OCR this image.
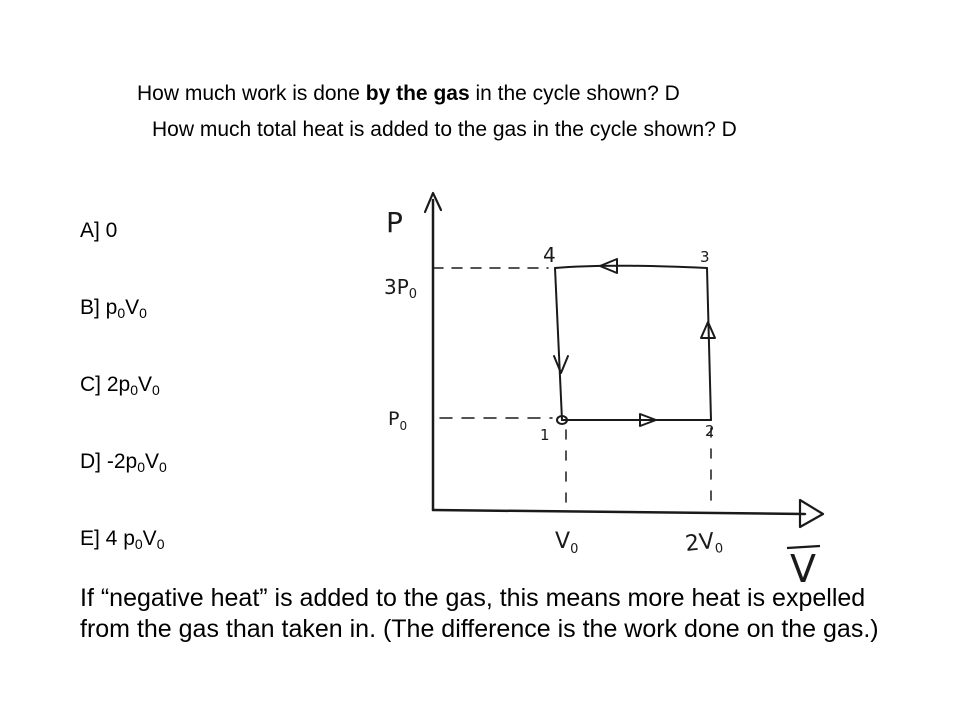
How much work is done by the gas in the cycle shown? D
How much total heat is added to the gas in the cycle shown? D
A] 0
B] $p_0V_0$
C] $2p_0V_0$
D] $-2p_0V_0$
E] 4 $p_0V_0$
P
$3P_0$
$P_0$
$V_0$	$2V_0$ V
4	3
1	2
If “negative heat” is added to the gas, this means more heat is expelled from the gas than taken in. (The difference is the work done on the gas.)
